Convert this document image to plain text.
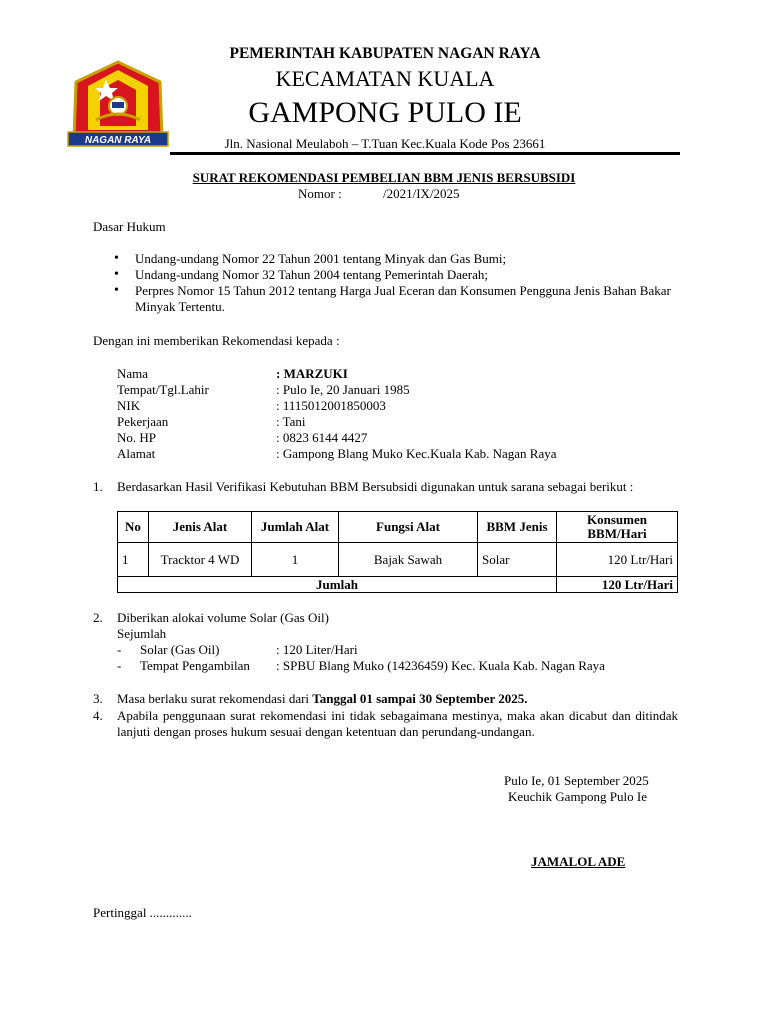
NAGAN RAYA
PEMERINTAH KABUPATEN NAGAN RAYA
KECAMATAN KUALA
GAMPONG PULO IE
Jln. Nasional Meulaboh – T.Tuan Kec.Kuala Kode Pos 23661
SURAT REKOMENDASI PEMBELIAN BBM JENIS BERSUBSIDI
Nomor :	/2021/IX/2025
Dasar Hukum
• Undang-undang Nomor 22 Tahun 2001 tentang Minyak dan Gas Bumi;
• Undang-undang Nomor 32 Tahun 2004 tentang Pemerintah Daerah;
• Perpres Nomor 15 Tahun 2012 tentang Harga Jual Eceran dan Konsumen Pengguna Jenis Bahan Bakar Minyak Tertentu.
Dengan ini memberikan Rekomendasi kepada :
Nama	: MARZUKI
Tempat/Tgl.Lahir	: Pulo Ie, 20 Januari 1985
NIK	: 1115012001850003
Pekerjaan	: Tani
No. HP	: 0823 6144 4427
Alamat	: Gampong Blang Muko Kec.Kuala Kab. Nagan Raya
1. Berdasarkan Hasil Verifikasi Kebutuhan BBM Bersubsidi digunakan untuk sarana sebagai berikut :
No	Jenis Alat	Jumlah Alat	Fungsi Alat	BBM Jenis	Konsumen BBM/Hari
1	Tracktor 4 WD	1	Bajak Sawah	Solar	120 Ltr/Hari
Jumlah					120 Ltr/Hari
2. Diberikan alokai volume Solar (Gas Oil)
Sejumlah
- Solar (Gas Oil)	: 120 Liter/Hari
- Tempat Pengambilan : SPBU Blang Muko (14236459) Kec. Kuala Kab. Nagan Raya
3. Masa berlaku surat rekomendasi dari Tanggal 01 sampai 30 September 2025.
4. Apabila penggunaan surat rekomendasi ini tidak sebagaimana mestinya, maka akan dicabut dan ditindak lanjuti dengan proses hukum sesuai dengan ketentuan dan perundang-undangan.
Pulo Ie, 01 September 2025
Keuchik Gampong Pulo Ie
JAMALOL ADE
Pertinggal .............
